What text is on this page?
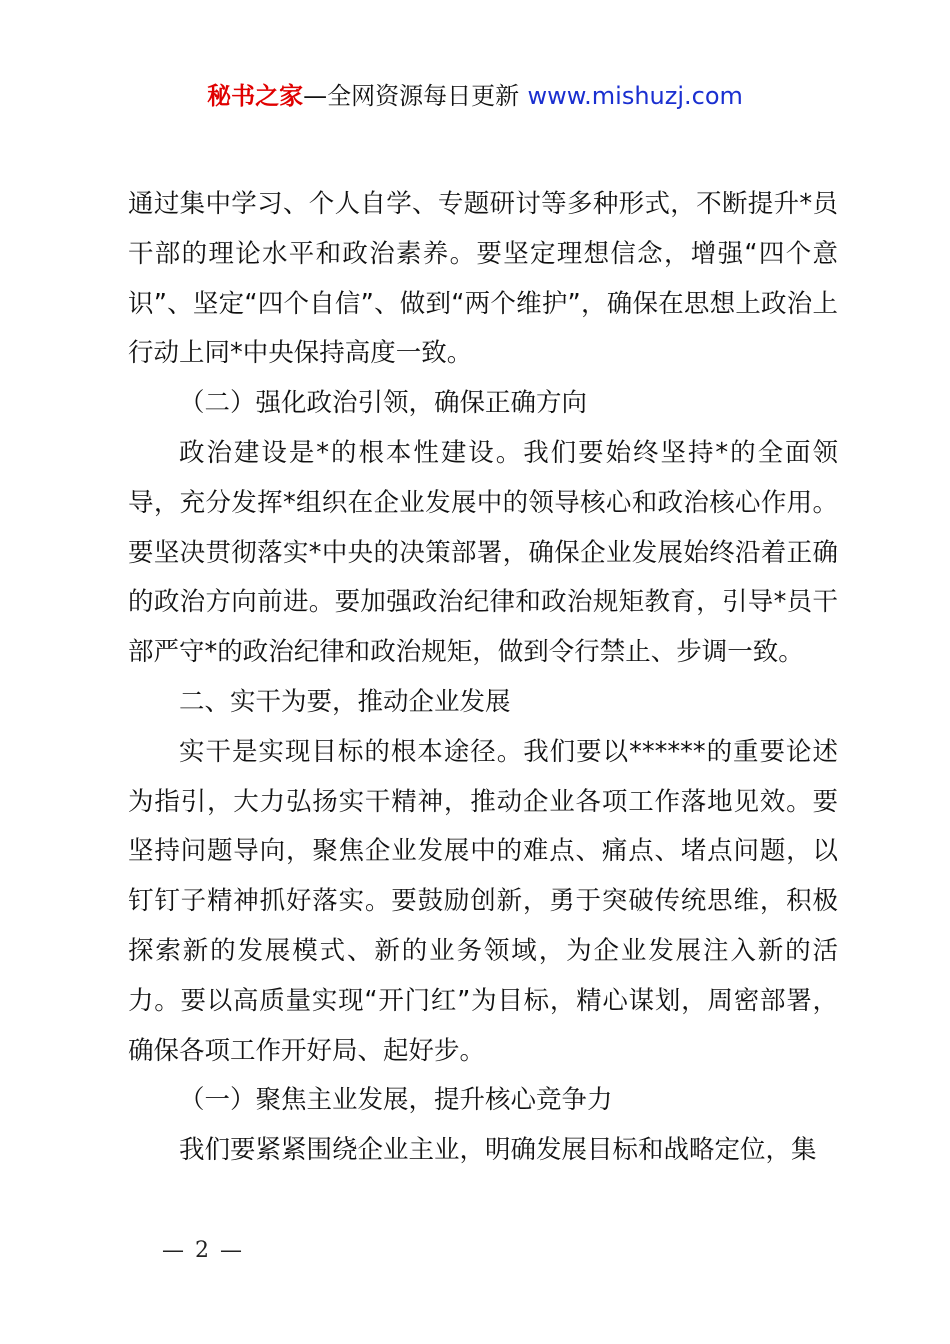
秘书之家—全网资源每日更新 www.mishuzj.com

通过集中学习、个人自学、专题研讨等多种形式，不断提升*员干部的理论水平和政治素养。要坚定理想信念，增强“四个意识”、坚定“四个自信”、做到“两个维护”，确保在思想上政治上行动上同*中央保持高度一致。

（二）强化政治引领，确保正确方向

政治建设是*的根本性建设。我们要始终坚持*的全面领导，充分发挥*组织在企业发展中的领导核心和政治核心作用。要坚决贯彻落实*中央的决策部署，确保企业发展始终沿着正确的政治方向前进。要加强政治纪律和政治规矩教育，引导*员干部严守*的政治纪律和政治规矩，做到令行禁止、步调一致。

二、实干为要，推动企业发展

实干是实现目标的根本途径。我们要以******的重要论述为指引，大力弘扬实干精神，推动企业各项工作落地见效。要坚持问题导向，聚焦企业发展中的难点、痛点、堵点问题，以钉钉子精神抓好落实。要鼓励创新，勇于突破传统思维，积极探索新的发展模式、新的业务领域，为企业发展注入新的活力。要以高质量实现“开门红”为目标，精心谋划，周密部署，确保各项工作开好局、起好步。

（一）聚焦主业发展，提升核心竞争力

我们要紧紧围绕企业主业，明确发展目标和战略定位，集

— 2 —
